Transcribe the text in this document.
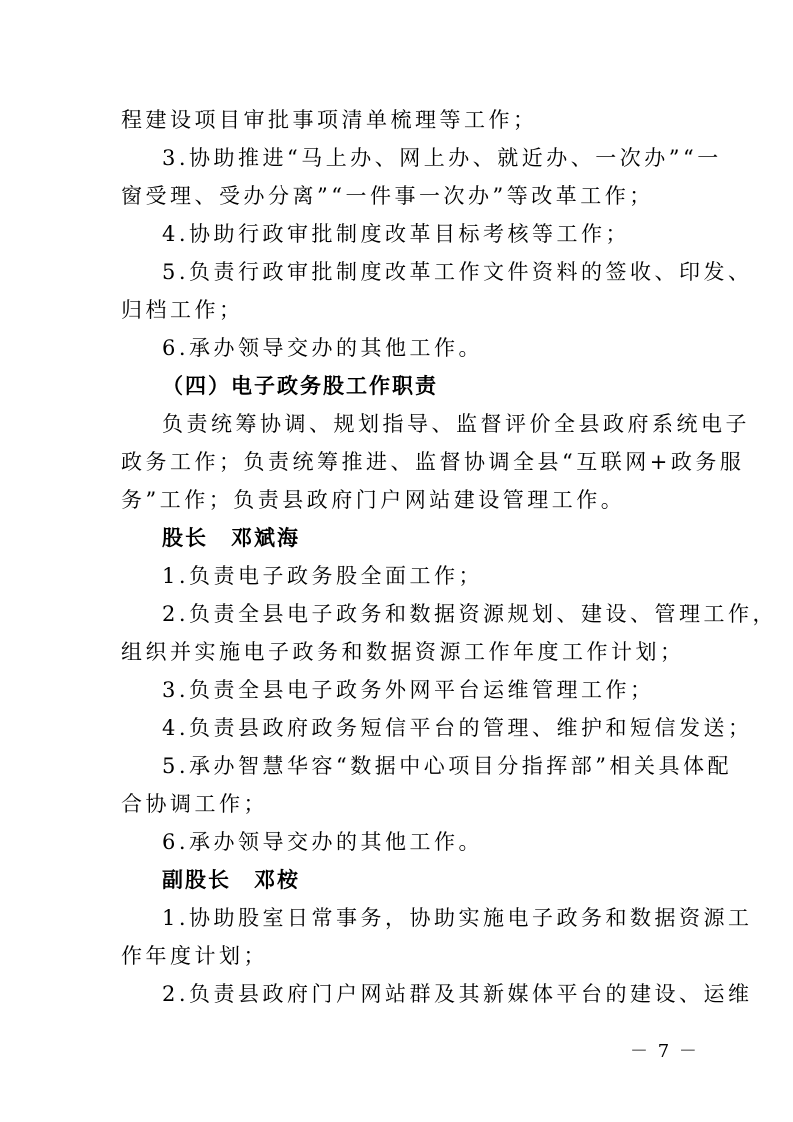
程建设项目审批事项清单梳理等工作；
3.协助推进“马上办、网上办、就近办、一次办”“一
窗受理、受办分离”“一件事一次办”等改革工作；
4.协助行政审批制度改革目标考核等工作；
5.负责行政审批制度改革工作文件资料的签收、印发、
归档工作；
6.承办领导交办的其他工作。
（四）电子政务股工作职责
负责统筹协调、规划指导、监督评价全县政府系统电子
政务工作；负责统筹推进、监督协调全县“互联网+政务服
务”工作；负责县政府门户网站建设管理工作。
股长　邓斌海
1.负责电子政务股全面工作；
2.负责全县电子政务和数据资源规划、建设、管理工作，
组织并实施电子政务和数据资源工作年度工作计划；
3.负责全县电子政务外网平台运维管理工作；
4.负责县政府政务短信平台的管理、维护和短信发送；
5.承办智慧华容“数据中心项目分指挥部”相关具体配
合协调工作；
6.承办领导交办的其他工作。
副股长　邓桉
1.协助股室日常事务，协助实施电子政务和数据资源工
作年度计划；
2.负责县政府门户网站群及其新媒体平台的建设、运维
－ 7 －
